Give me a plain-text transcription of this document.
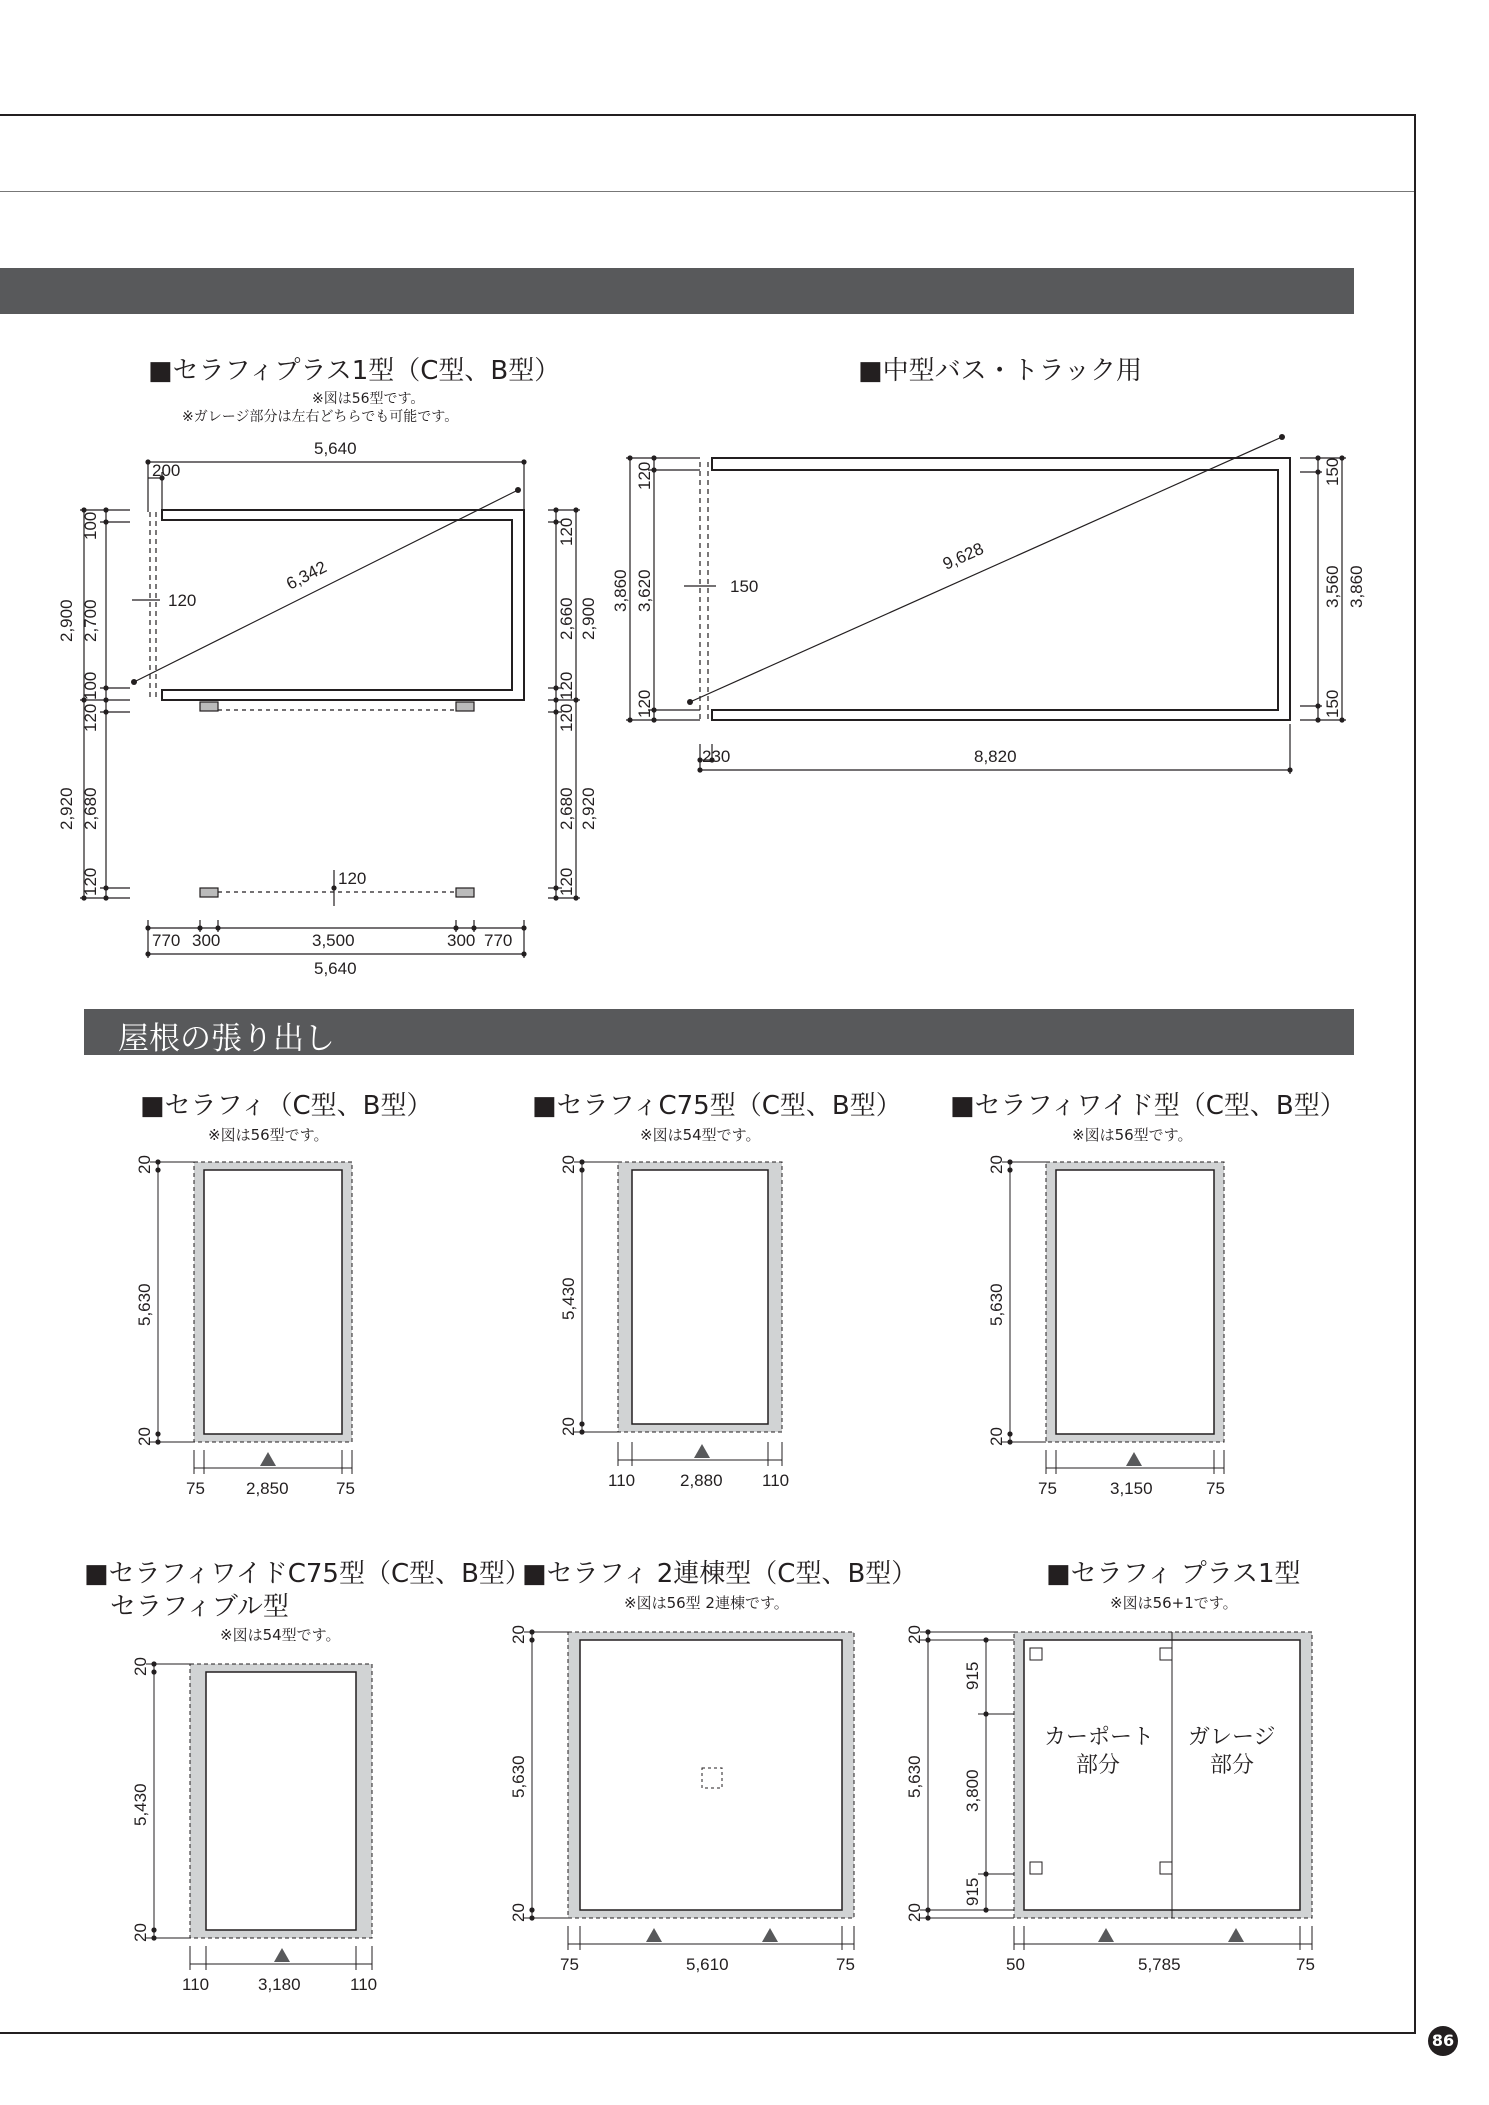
屋根の張り出し
■セラフィプラス1型（C型、B型）
※図は56型です。
※ガレージ部分は左右どちらでも可能です。
■中型バス・トラック用
■セラフィ（C型、B型）
※図は56型です。
■セラフィC75型（C型、B型）
※図は54型です。
■セラフィワイド型（C型、B型）
※図は56型です。
■セラフィワイドC75型（C型、B型）
セラフィブル型
※図は54型です。
■セラフィ 2連棟型（C型、B型）
※図は56型 2連棟です。
■セラフィ プラス1型
※図は56+1です。
86
5,640
200
6,342
120
2,900
100
2,700
100
120
2,680
2,920
120
120
2,660 2,900
120
120
2,680 2,920
120
120
770 300	3,500	300 770
5,640
120
3,860 3,620	150
9,628
120
150
3,560 3,860
150
230	8,820
20
5,630
20
75 2,850	75
20
5,430
20
110	2,880 110
20
5,630
20
75	3,150	75
20
5,430
20
110	3,180	110
20
5,630
20
75	5,610	75
カーポート
部分
ガレージ
部分
20
5,630
20
915
3,800
915
50	5,785	75
